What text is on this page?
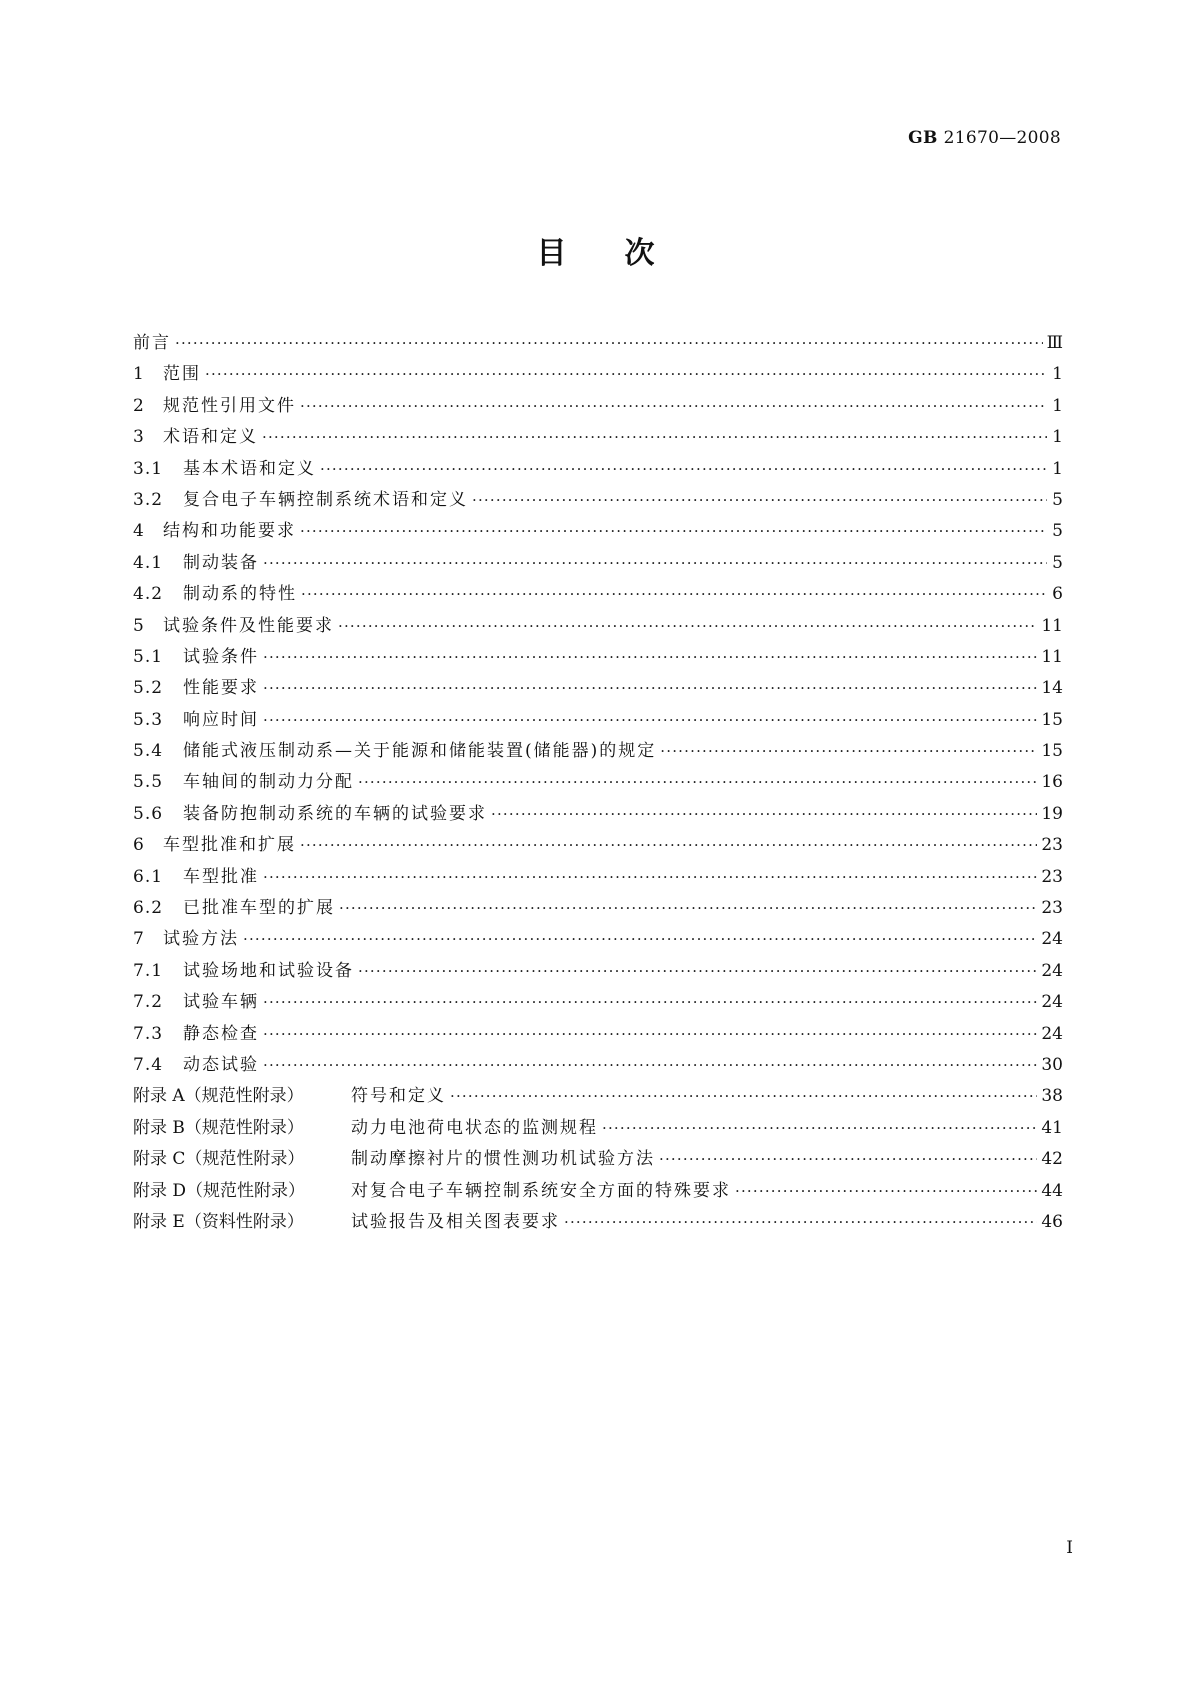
GB 21670—2008
目次
前言 ·····	Ⅲ
1	范围 ·····	1
2	规范性引用文件 ·····	1
3	术语和定义 ·····	1
3.1	基本术语和定义 ·····	1
3.2	复合电子车辆控制系统术语和定义 ·····	5
4	结构和功能要求 ·····	5
4.1	制动装备 ·····	5
4.2	制动系的特性 ·····	6
5	试验条件及性能要求 ·····	11
5.1	试验条件 ·····	11
5.2	性能要求 ·····	14
5.3	响应时间 ·····	15
5.4	储能式液压制动系—关于能源和储能装置(储能器)的规定 ·····	15
5.5	车轴间的制动力分配 ·····	16
5.6	装备防抱制动系统的车辆的试验要求 ·····	19
6	车型批准和扩展 ·····	23
6.1	车型批准 ·····	23
6.2	已批准车型的扩展 ·····	23
7	试验方法 ·····	24
7.1	试验场地和试验设备 ·····	24
7.2	试验车辆 ·····	24
7.3	静态检查 ·····	24
7.4	动态试验 ·····	30
附录 A（规范性附录）	符号和定义 ·····	38
附录 B（规范性附录）	动力电池荷电状态的监测规程 ·····	41
附录 C（规范性附录）	制动摩擦衬片的惯性测功机试验方法 ·····	42
附录 D（规范性附录）	对复合电子车辆控制系统安全方面的特殊要求 ·····	44
附录 E（资料性附录）	试验报告及相关图表要求 ·····	46
I
